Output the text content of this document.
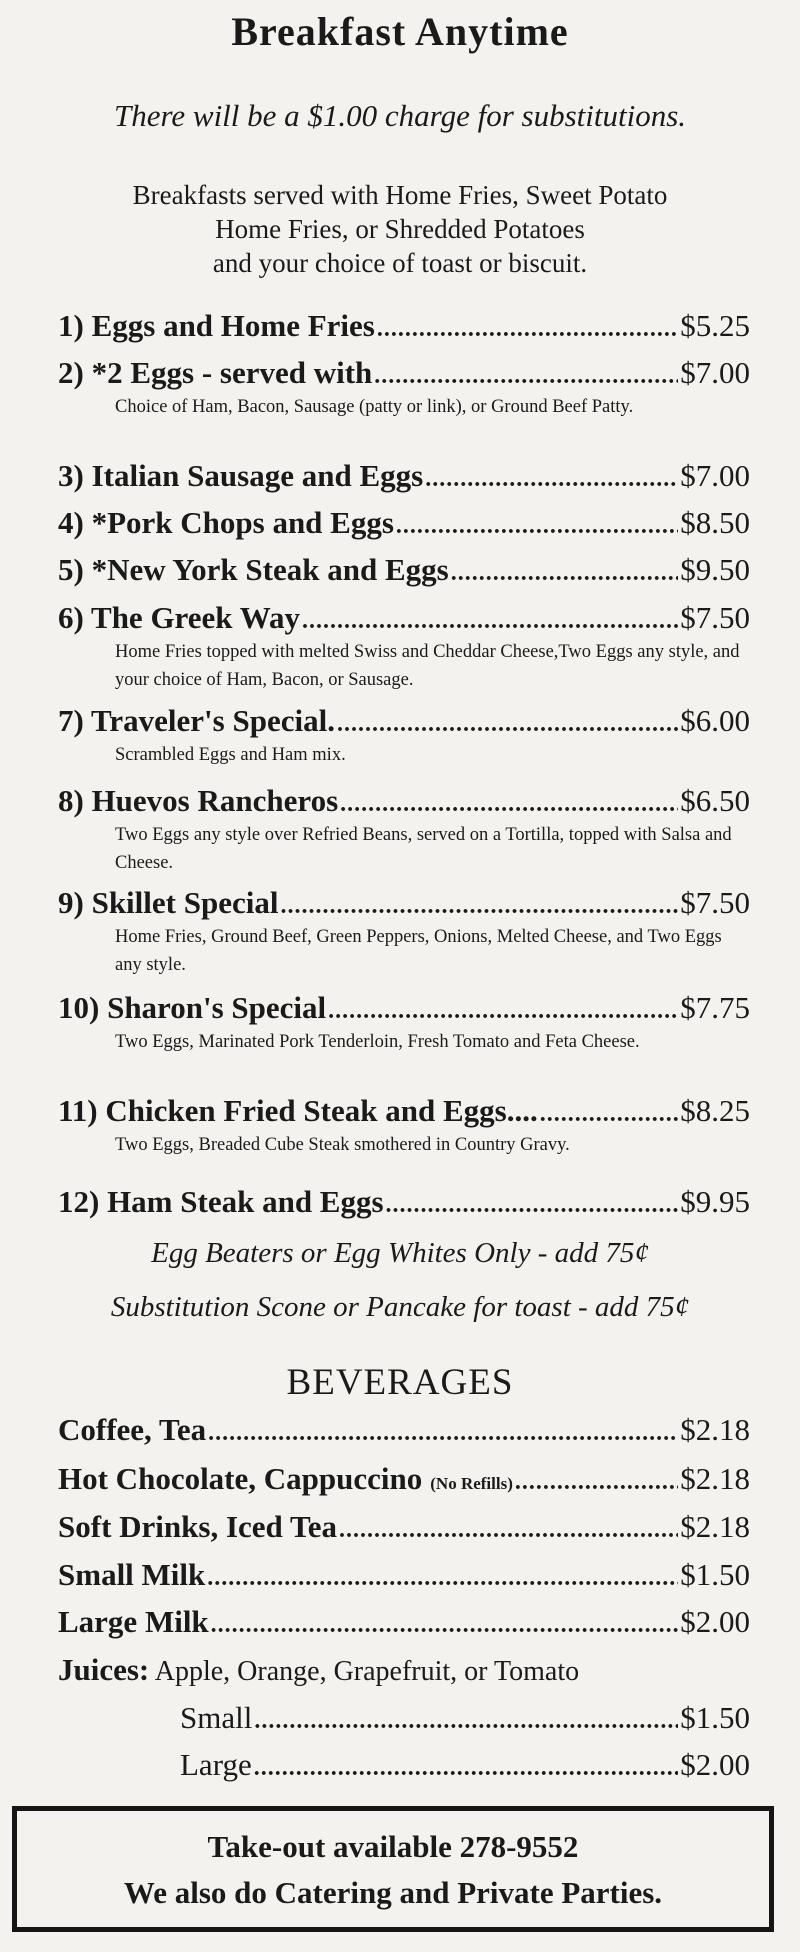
Breakfast Anytime
There will be a $1.00 charge for substitutions.
Breakfasts served with Home Fries, Sweet Potato
Home Fries, or Shredded Potatoes
and your choice of toast or biscuit.
1) Eggs and Home Fries .....	$5.25
2) *2 Eggs - served with .....	$7.00
Choice of Ham, Bacon, Sausage (patty or link), or Ground Beef Patty.
3) Italian Sausage and Eggs .....	$7.00
4) *Pork Chops and Eggs .....	$8.50
5) *New York Steak and Eggs .....	$9.50
6) The Greek Way .....	$7.50
Home Fries topped with melted Swiss and Cheddar Cheese,Two Eggs any style, and your choice of Ham, Bacon, or Sausage.
7) Traveler's Special. .....	$6.00
Scrambled Eggs and Ham mix.
8) Huevos Rancheros .....	$6.50
Two Eggs any style over Refried Beans, served on a Tortilla, topped with Salsa and Cheese.
9) Skillet Special .....	$7.50
Home Fries, Ground Beef, Green Peppers, Onions, Melted Cheese, and Two Eggs any style.
10) Sharon's Special .....	$7.75
Two Eggs, Marinated Pork Tenderloin, Fresh Tomato and Feta Cheese.
11) Chicken Fried Steak and Eggs.... .....	$8.25
Two Eggs, Breaded Cube Steak smothered in Country Gravy.
12) Ham Steak and Eggs .....	$9.95
Egg Beaters or Egg Whites Only - add 75¢
Substitution Scone or Pancake for toast - add 75¢
BEVERAGES
Coffee, Tea .....	$2.18
Hot Chocolate, Cappuccino (No Refills) .....	$2.18
Soft Drinks, Iced Tea .....	$2.18
Small Milk .....	$1.50
Large Milk .....	$2.00
Juices: Apple, Orange, Grapefruit, or Tomato
Small .....	$1.50
Large .....	$2.00
Take-out available 278-9552
We also do Catering and Private Parties.
